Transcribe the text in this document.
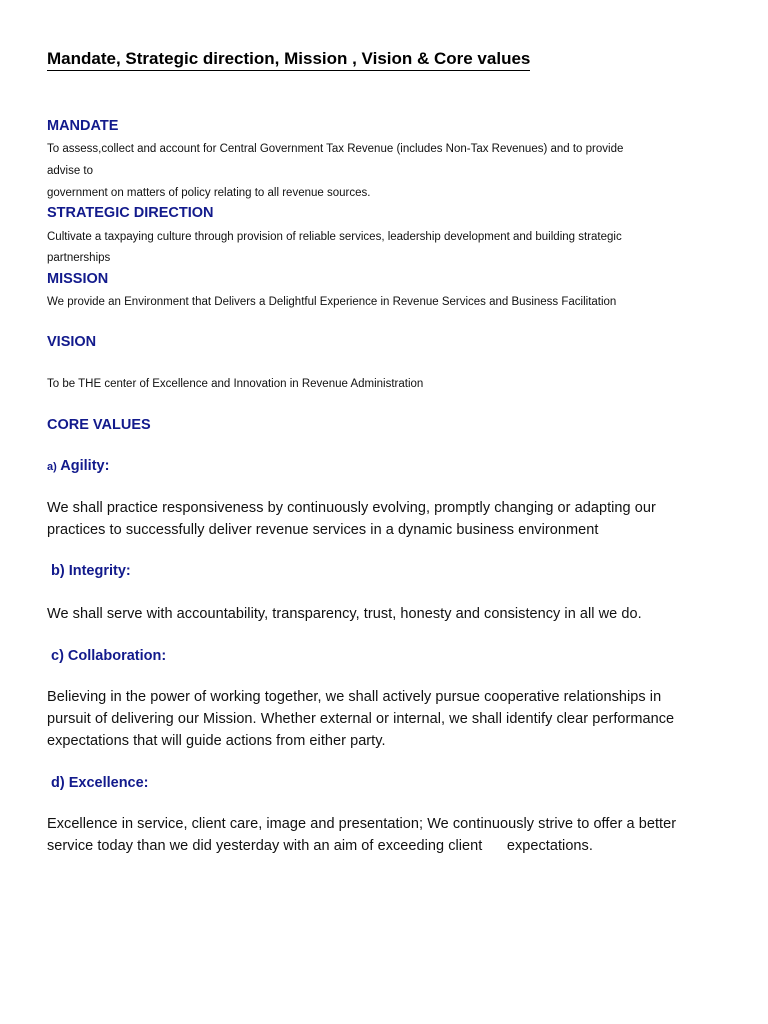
Mandate, Strategic direction, Mission , Vision & Core values
MANDATE
To assess,collect and account for Central Government Tax Revenue (includes Non-Tax Revenues) and to provide
advise to
government on matters of policy relating to all revenue sources.
STRATEGIC DIRECTION
Cultivate a taxpaying culture through provision of reliable services, leadership development and building strategic
partnerships
MISSION
We provide an Environment that Delivers a Delightful Experience in Revenue Services and Business Facilitation
VISION
To be THE center of Excellence and Innovation in Revenue Administration
CORE VALUES
a) Agility:
We shall practice responsiveness by continuously evolving, promptly changing or adapting our
practices to successfully deliver revenue services in a dynamic business environment
b) Integrity:
We shall serve with accountability, transparency, trust, honesty and consistency in all we do.
c) Collaboration:
Believing in the power of working together, we shall actively pursue cooperative relationships in
pursuit of delivering our Mission. Whether external or internal, we shall identify clear performance
expectations that will guide actions from either party.
d) Excellence:
Excellence in service, client care, image and presentation; We continuously strive to offer a better
service today than we did yesterday with an aim of exceeding client      expectations.
